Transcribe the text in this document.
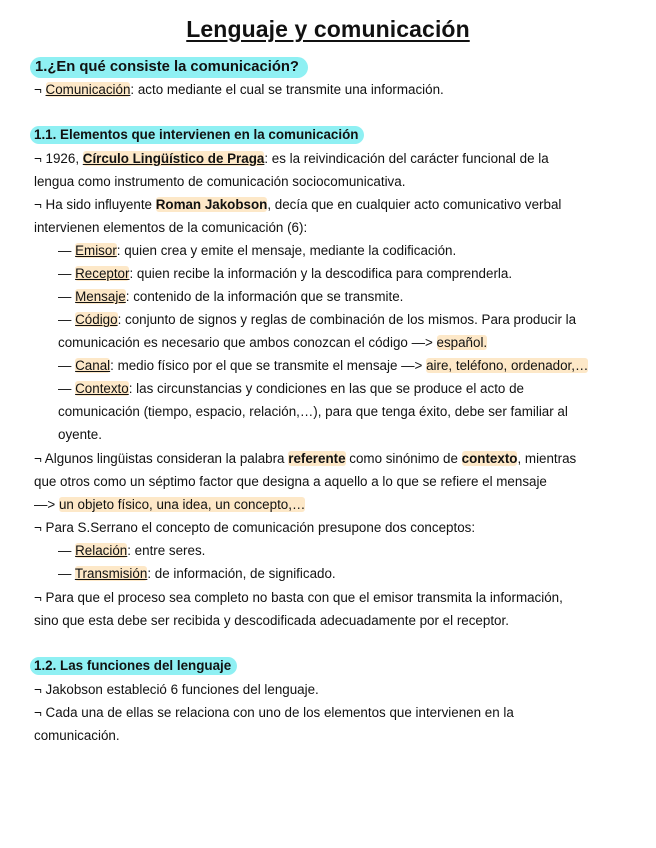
Lenguaje y comunicación
1.¿En qué consiste la comunicación?
¬ Comunicación: acto mediante el cual se transmite una información.
1.1. Elementos que intervienen en la comunicación
¬ 1926, Círculo Lingüístico de Praga: es la reivindicación del carácter funcional de la
lengua como instrumento de comunicación sociocomunicativa.
¬ Ha sido influyente Roman Jakobson, decía que en cualquier acto comunicativo verbal
intervienen elementos de la comunicación (6):
— Emisor: quien crea y emite el mensaje, mediante la codificación.
— Receptor: quien recibe la información y la descodifica para comprenderla.
— Mensaje: contenido de la información que se transmite.
— Código: conjunto de signos y reglas de combinación de los mismos. Para producir la
comunicación es necesario que ambos conozcan el código —> español.
— Canal: medio físico por el que se transmite el mensaje —> aire, teléfono, ordenador,…
— Contexto: las circunstancias y condiciones en las que se produce el acto de
comunicación (tiempo, espacio, relación,…), para que tenga éxito, debe ser familiar al
oyente.
¬ Algunos lingüistas consideran la palabra referente como sinónimo de contexto, mientras
que otros como un séptimo factor que designa a aquello a lo que se refiere el mensaje
—> un objeto físico, una idea, un concepto,…
¬ Para S.Serrano el concepto de comunicación presupone dos conceptos:
— Relación: entre seres.
— Transmisión: de información, de significado.
¬ Para que el proceso sea completo no basta con que el emisor transmita la información,
sino que esta debe ser recibida y descodificada adecuadamente por el receptor.
1.2. Las funciones del lenguaje
¬ Jakobson estableció 6 funciones del lenguaje.
¬ Cada una de ellas se relaciona con uno de los elementos que intervienen en la
comunicación.
